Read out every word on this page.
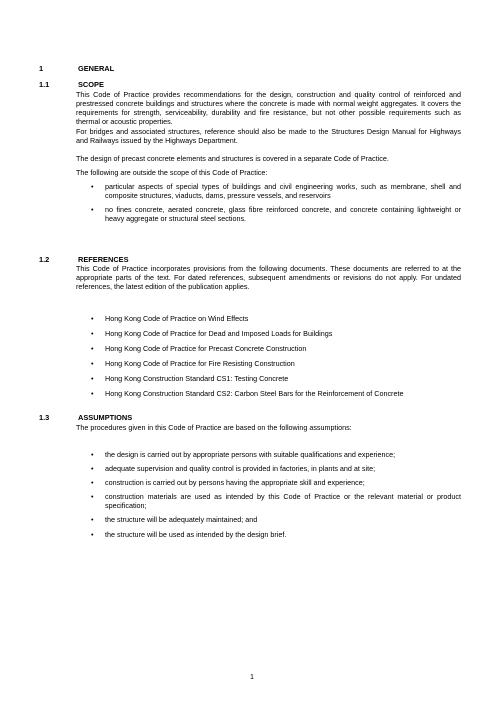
1	GENERAL
1.1	SCOPE
This Code of Practice provides recommendations for the design, construction and quality control of reinforced and prestressed concrete buildings and structures where the concrete is made with normal weight aggregates. It covers the requirements for strength, serviceability, durability and fire resistance, but not other possible requirements such as thermal or acoustic properties.
For bridges and associated structures, reference should also be made to the Structures Design Manual for Highways and Railways issued by the Highways Department.
The design of precast concrete elements and structures is covered in a separate Code of Practice.
The following are outside the scope of this Code of Practice:
• particular aspects of special types of buildings and civil engineering works, such as membrane, shell and composite structures, viaducts, dams, pressure vessels, and reservoirs
• no fines concrete, aerated concrete, glass fibre reinforced concrete, and concrete containing lightweight or heavy aggregate or structural steel sections.
1.2	REFERENCES
This Code of Practice incorporates provisions from the following documents. These documents are referred to at the appropriate parts of the text. For dated references, subsequent amendments or revisions do not apply. For undated references, the latest edition of the publication applies.
• Hong Kong Code of Practice on Wind Effects
• Hong Kong Code of Practice for Dead and Imposed Loads for Buildings
• Hong Kong Code of Practice for Precast Concrete Construction
• Hong Kong Code of Practice for Fire Resisting Construction
• Hong Kong Construction Standard CS1: Testing Concrete
• Hong Kong Construction Standard CS2: Carbon Steel Bars for the Reinforcement of Concrete
1.3	ASSUMPTIONS
The procedures given in this Code of Practice are based on the following assumptions:
• the design is carried out by appropriate persons with suitable qualifications and experience;
• adequate supervision and quality control is provided in factories, in plants and at site;
• construction is carried out by persons having the appropriate skill and experience;
• construction materials are used as intended by this Code of Practice or the relevant material or product specification;
• the structure will be adequately maintained; and
• the structure will be used as intended by the design brief.
1
